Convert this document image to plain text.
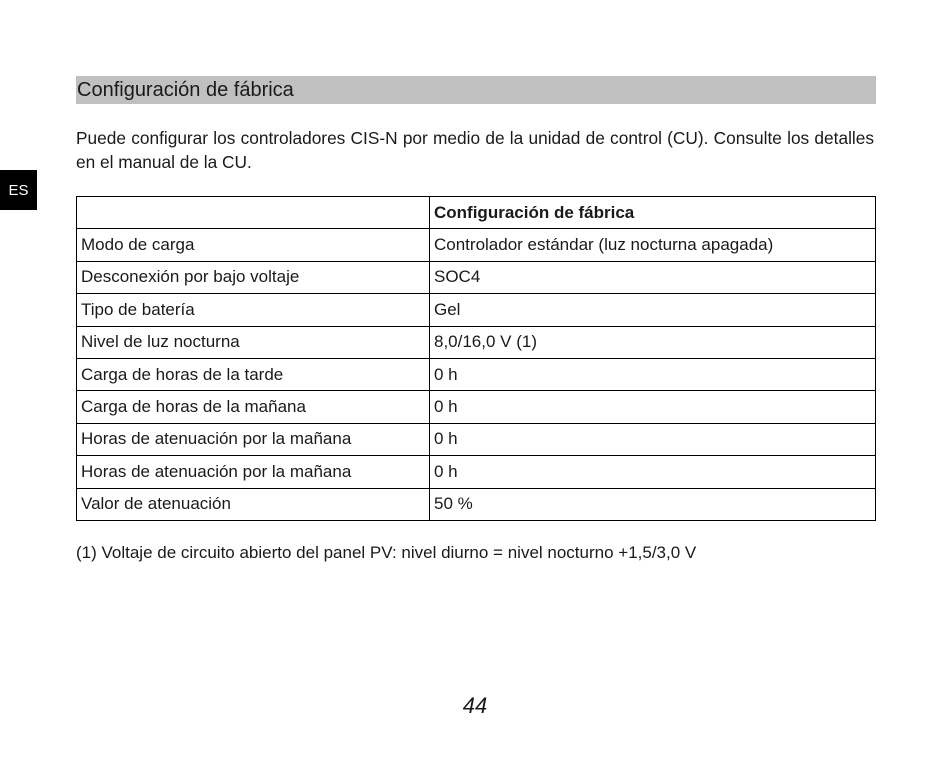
ES
Configuración de fábrica

Puede configurar los controladores CIS-N por medio de la unidad de control (CU). Consulte los detalles en el manual de la CU.

	Configuración de fábrica
Modo de carga	Controlador estándar (luz nocturna apagada)
Desconexión por bajo voltaje	SOC4
Tipo de batería	Gel
Nivel de luz nocturna	8,0/16,0 V (1)
Carga de horas de la tarde	0 h
Carga de horas de la mañana	0 h
Horas de atenuación por la mañana	0 h
Horas de atenuación por la mañana	0 h
Valor de atenuación	50 %
(1) Voltaje de circuito abierto del panel PV: nivel diurno = nivel nocturno +1,5/3,0 V
44
